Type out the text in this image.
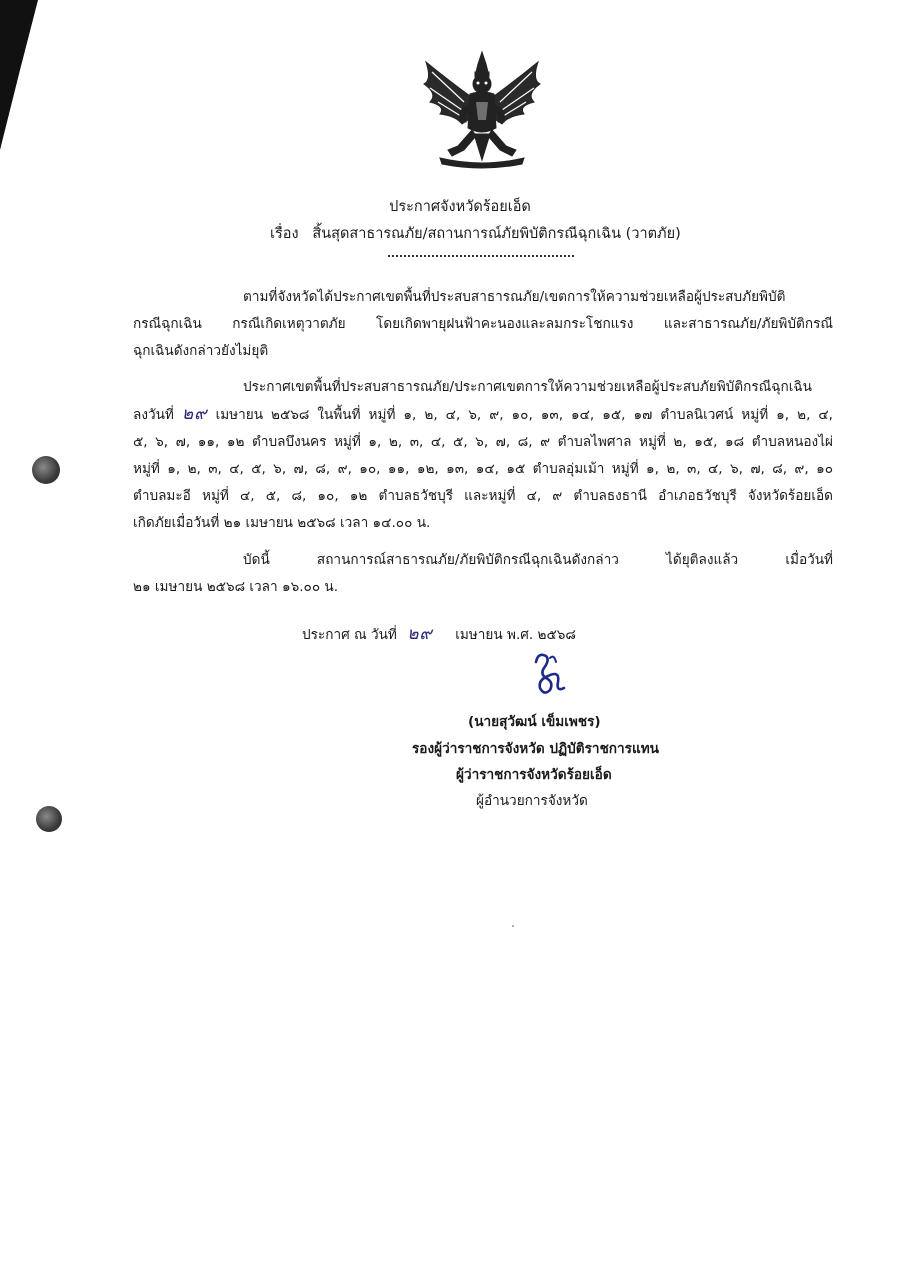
ประกาศจังหวัดร้อยเอ็ด
เรื่อง สิ้นสุดสาธารณภัย/สถานการณ์ภัยพิบัติกรณีฉุกเฉิน (วาตภัย)
ตามที่จังหวัดได้ประกาศเขตพื้นที่ประสบสาธารณภัย/เขตการให้ความช่วยเหลือผู้ประสบภัยพิบัติ
กรณีฉุกเฉิน กรณีเกิดเหตุวาตภัย โดยเกิดพายุฝนฟ้าคะนองและลมกระโชกแรง และสาธารณภัย/ภัยพิบัติกรณี
ฉุกเฉินดังกล่าวยังไม่ยุติ
ประกาศเขตพื้นที่ประสบสาธารณภัย/ประกาศเขตการให้ความช่วยเหลือผู้ประสบภัยพิบัติกรณีฉุกเฉิน
ลงวันที่ ๒๙ เมษายน ๒๕๖๘ ในพื้นที่ หมู่ที่ ๑, ๒, ๔, ๖, ๙, ๑๐, ๑๓, ๑๔, ๑๕, ๑๗ ตำบลนิเวศน์ หมู่ที่ ๑, ๒, ๔,
๕, ๖, ๗, ๑๑, ๑๒ ตำบลบึงนคร หมู่ที่ ๑, ๒, ๓, ๔, ๕, ๖, ๗, ๘, ๙ ตำบลไพศาล หมู่ที่ ๒, ๑๕, ๑๘ ตำบลหนองไผ่
หมู่ที่ ๑, ๒, ๓, ๔, ๕, ๖, ๗, ๘, ๙, ๑๐, ๑๑, ๑๒, ๑๓, ๑๔, ๑๕ ตำบลอุ่มเม้า หมู่ที่ ๑, ๒, ๓, ๔, ๖, ๗, ๘, ๙, ๑๐
ตำบลมะอี หมู่ที่ ๔, ๕, ๘, ๑๐, ๑๒ ตำบลธวัชบุรี และหมู่ที่ ๔, ๙ ตำบลธงธานี อำเภอธวัชบุรี จังหวัดร้อยเอ็ด
เกิดภัยเมื่อวันที่ ๒๑ เมษายน ๒๕๖๘ เวลา ๑๔.๐๐ น.
บัดนี้ สถานการณ์สาธารณภัย/ภัยพิบัติกรณีฉุกเฉินดังกล่าว ได้ยุติลงแล้ว เมื่อวันที่
๒๑ เมษายน ๒๕๖๘ เวลา ๑๖.๐๐ น.
ประกาศ ณ วันที่ ๒๙ เมษายน พ.ศ. ๒๕๖๘
(นายสุวัฒน์ เข็มเพชร)
รองผู้ว่าราชการจังหวัด ปฏิบัติราชการแทน
ผู้ว่าราชการจังหวัดร้อยเอ็ด
ผู้อำนวยการจังหวัด
